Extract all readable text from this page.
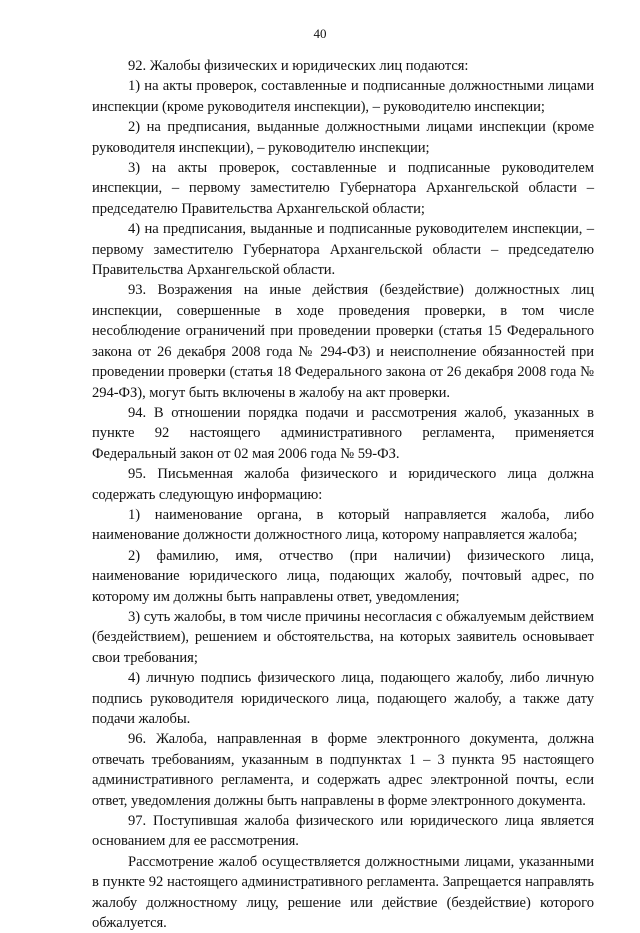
40

92. Жалобы физических и юридических лиц подаются:

1) на акты проверок, составленные и подписанные должностными лицами инспекции (кроме руководителя инспекции), – руководителю инспекции;

2) на предписания, выданные должностными лицами инспекции (кроме руководителя инспекции), – руководителю инспекции;

3) на акты проверок, составленные и подписанные руководителем инспекции, – первому заместителю Губернатора Архангельской области – председателю Правительства Архангельской области;

4) на предписания, выданные и подписанные руководителем инспекции, – первому заместителю Губернатора Архангельской области – председателю Правительства Архангельской области.

93. Возражения на иные действия (бездействие) должностных лиц инспекции, совершенные в ходе проведения проверки, в том числе несоблюдение ограничений при проведении проверки (статья 15 Федерального закона от 26 декабря 2008 года № 294-ФЗ) и неисполнение обязанностей при проведении проверки (статья 18 Федерального закона от 26 декабря 2008 года № 294-ФЗ), могут быть включены в жалобу на акт проверки.

94. В отношении порядка подачи и рассмотрения жалоб, указанных в пункте 92 настоящего административного регламента, применяется Федеральный закон от 02 мая 2006 года № 59-ФЗ.

95. Письменная жалоба физического и юридического лица должна содержать следующую информацию:

1) наименование органа, в который направляется жалоба, либо наименование должности должностного лица, которому направляется жалоба;

2) фамилию, имя, отчество (при наличии) физического лица, наименование юридического лица, подающих жалобу, почтовый адрес, по которому им должны быть направлены ответ, уведомления;

3) суть жалобы, в том числе причины несогласия с обжалуемым действием (бездействием), решением и обстоятельства, на которых заявитель основывает свои требования;

4) личную подпись физического лица, подающего жалобу, либо личную подпись руководителя юридического лица, подающего жалобу, а также дату подачи жалобы.

96. Жалоба, направленная в форме электронного документа, должна отвечать требованиям, указанным в подпунктах 1 – 3 пункта 95 настоящего административного регламента, и содержать адрес электронной почты, если ответ, уведомления должны быть направлены в форме электронного документа.

97. Поступившая жалоба физического или юридического лица является основанием для ее рассмотрения.

Рассмотрение жалоб осуществляется должностными лицами, указанными в пункте 92 настоящего административного регламента. Запрещается направлять жалобу должностному лицу, решение или действие (бездействие) которого обжалуется.
